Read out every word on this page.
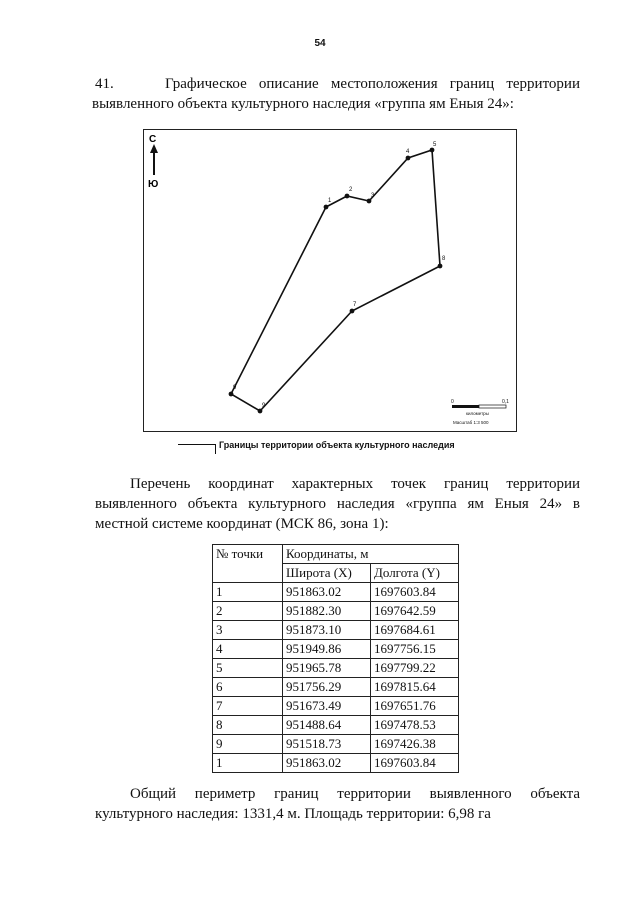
54
41.	Графическое описание местоположения границ территории
выявленного объекта культурного наследия «группа ям Еныя 24»:
С
Ю
1
2
3
4
5
8
7
9
9
0	0,1
километры
Масштаб 1:3 500
Границы территории объекта культурного наследия
Перечень координат характерных точек границ территории
выявленного объекта культурного наследия «группа ям Еныя 24» в
местной системе координат (МСК 86, зона 1):
№ точки	Координаты, м	
	Широта (X)	Долгота (Y)
1	951863.02	1697603.84
2	951882.30	1697642.59
3	951873.10	1697684.61
4	951949.86	1697756.15
5	951965.78	1697799.22
6	951756.29	1697815.64
7	951673.49	1697651.76
8	951488.64	1697478.53
9	951518.73	1697426.38
1	951863.02	1697603.84
Общий периметр границ территории выявленного объекта
культурного наследия: 1331,4 м. Площадь территории: 6,98 га
